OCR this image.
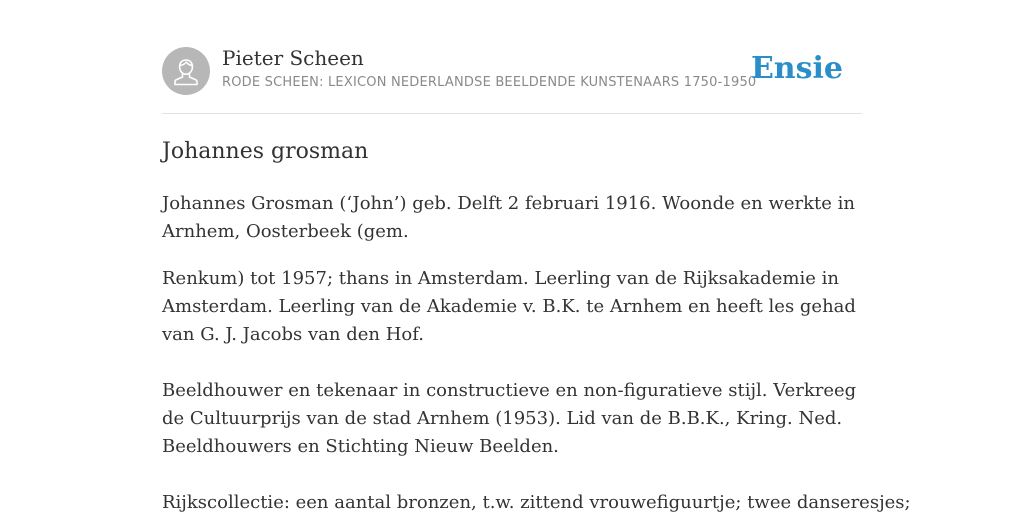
Pieter Scheen
RODE SCHEEN: LEXICON NEDERLANDSE BEELDENDE KUNSTENAARS 1750-1950
Ensie
Johannes grosman

Johannes Grosman (‘John’) geb. Delft 2 februari 1916. Woonde en werkte in Arnhem, Oosterbeek (gem.

Renkum) tot 1957; thans in Amsterdam. Leerling van de Rijksakademie in Amsterdam. Leerling van de Akademie v. B.K. te Arnhem en heeft les gehad van G. J. Jacobs van den Hof.

Beeldhouwer en tekenaar in constructieve en non-figuratieve stijl. Verkreeg de Cultuurprijs van de stad Arnhem (1953). Lid van de B.B.K., Kring. Ned. Beeldhouwers en Stichting Nieuw Beelden.

Rijkscollectie: een aantal bronzen, t.w. zittend vrouwefiguurtje; twee danseresjes;
